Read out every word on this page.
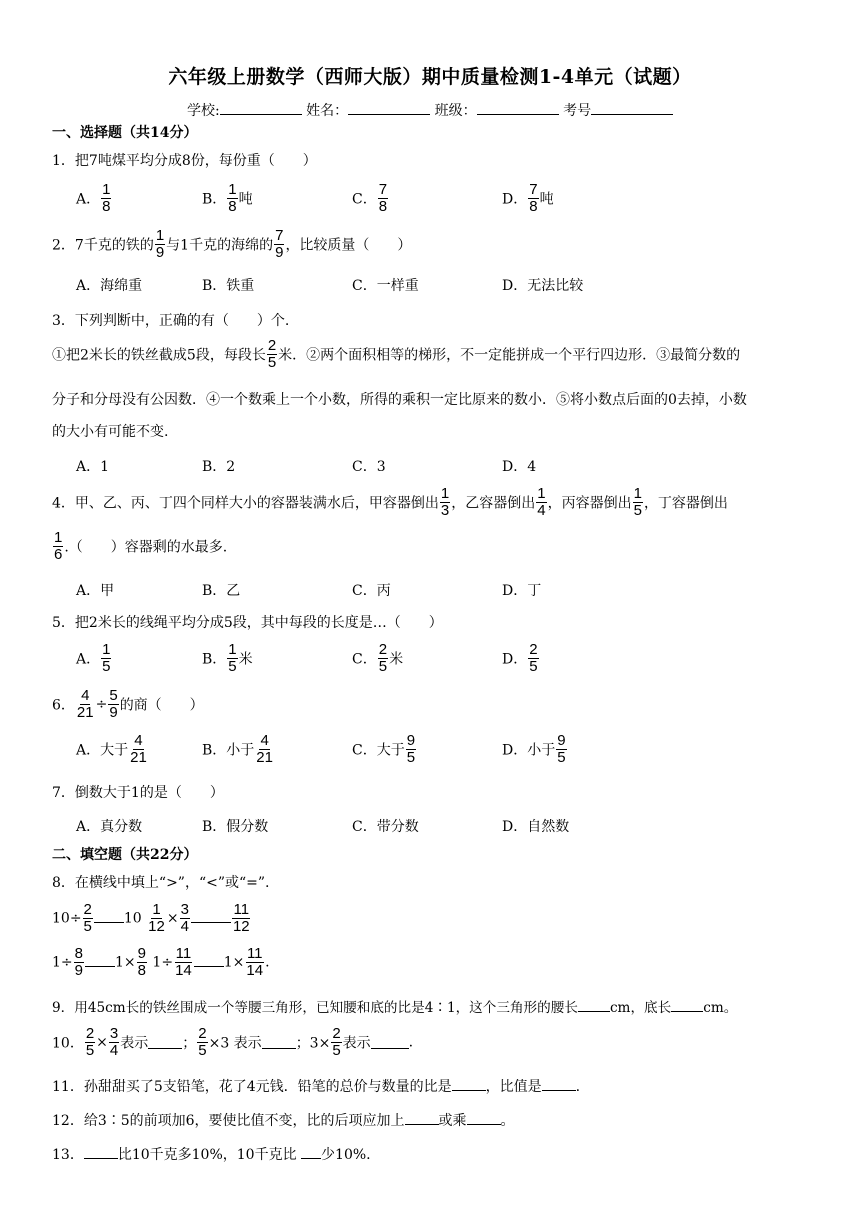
六年级上册数学（西师大版）期中质量检测1-4单元（试题）
学校:	姓名：	班级：	考号
一、选择题（共14分）
1．把7吨煤平均分成8份，每份重（　　）
A． $\frac{1}{8}$	B． $\frac{1}{8}$ 吨	C． $\frac{7}{8}$	D． $\frac{7}{8}$ 吨
2．7千克的铁的 $\frac{1}{9}$ 与1千克的海绵的 $\frac{7}{9}$ ，比较质量（　　）
A．海绵重	B．铁重	C．一样重	D．无法比较
3．下列判断中，正确的有（　　）个.
①把2米长的铁丝截成5段，每段长 $\frac{2}{5}$ 米．②两个面积相等的梯形，不一定能拼成一个平行四边形．③最简分数的
分子和分母没有公因数．④一个数乘上一个小数，所得的乘积一定比原来的数小．⑤将小数点后面的0去掉，小数
的大小有可能不变.
A．1	B．2	C．3	D．4
4．甲、乙、丙、丁四个同样大小的容器装满水后，甲容器倒出 $\frac{1}{3}$ ，乙容器倒出 $\frac{1}{4}$ ，丙容器倒出 $\frac{1}{5}$ ，丁容器倒出
$\frac{1}{6}$ .（　　）容器剩的水最多.
A．甲	B．乙	C．丙	D．丁
5．把2米长的线绳平均分成5段，其中每段的长度是…（　　）
A． $\frac{1}{5}$	B． $\frac{1}{5}$ 米	C． $\frac{2}{5}$ 米	D． $\frac{2}{5}$
6． $\frac{4}{21} \div \frac{5}{9}$ 的商（　　）
A．大于 $\frac{4}{21}$	B．小于 $\frac{4}{21}$	C．大于 $\frac{9}{5}$	D．小于 $\frac{9}{5}$
7．倒数大于1的是（　　）
A．真分数	B．假分数	C．带分数	D．自然数
二、填空题（共22分）
8．在横线中填上“>”，“<”或“=”.
$10\div \frac{2}{5} 10 \frac{1}{12} \times \frac{3}{4}$	$\frac{11}{12}$
$1\div \frac{8}{9} 1\times \frac{9}{8} 1\div \frac{11}{14} 1\times \frac{11}{14}$ .
9．用45cm长的铁丝围成一个等腰三角形，已知腰和底的比是4∶1，这个三角形的腰长 cm，底长 cm。
10． $\frac{2}{5} \times \frac{3}{4}$ 表示 ； $\frac{2}{5} \times 3$ 表示 ；$3\times \frac{2}{5}$ 表示	.
11．孙甜甜买了5支铅笔，花了4元钱．铅笔的总价与数量的比是 ，比值是 .
12．给3∶5的前项加6，要使比值不变，比的后项应加上 或乘 。
13． 比10千克多10%，10千克比 少10%.
